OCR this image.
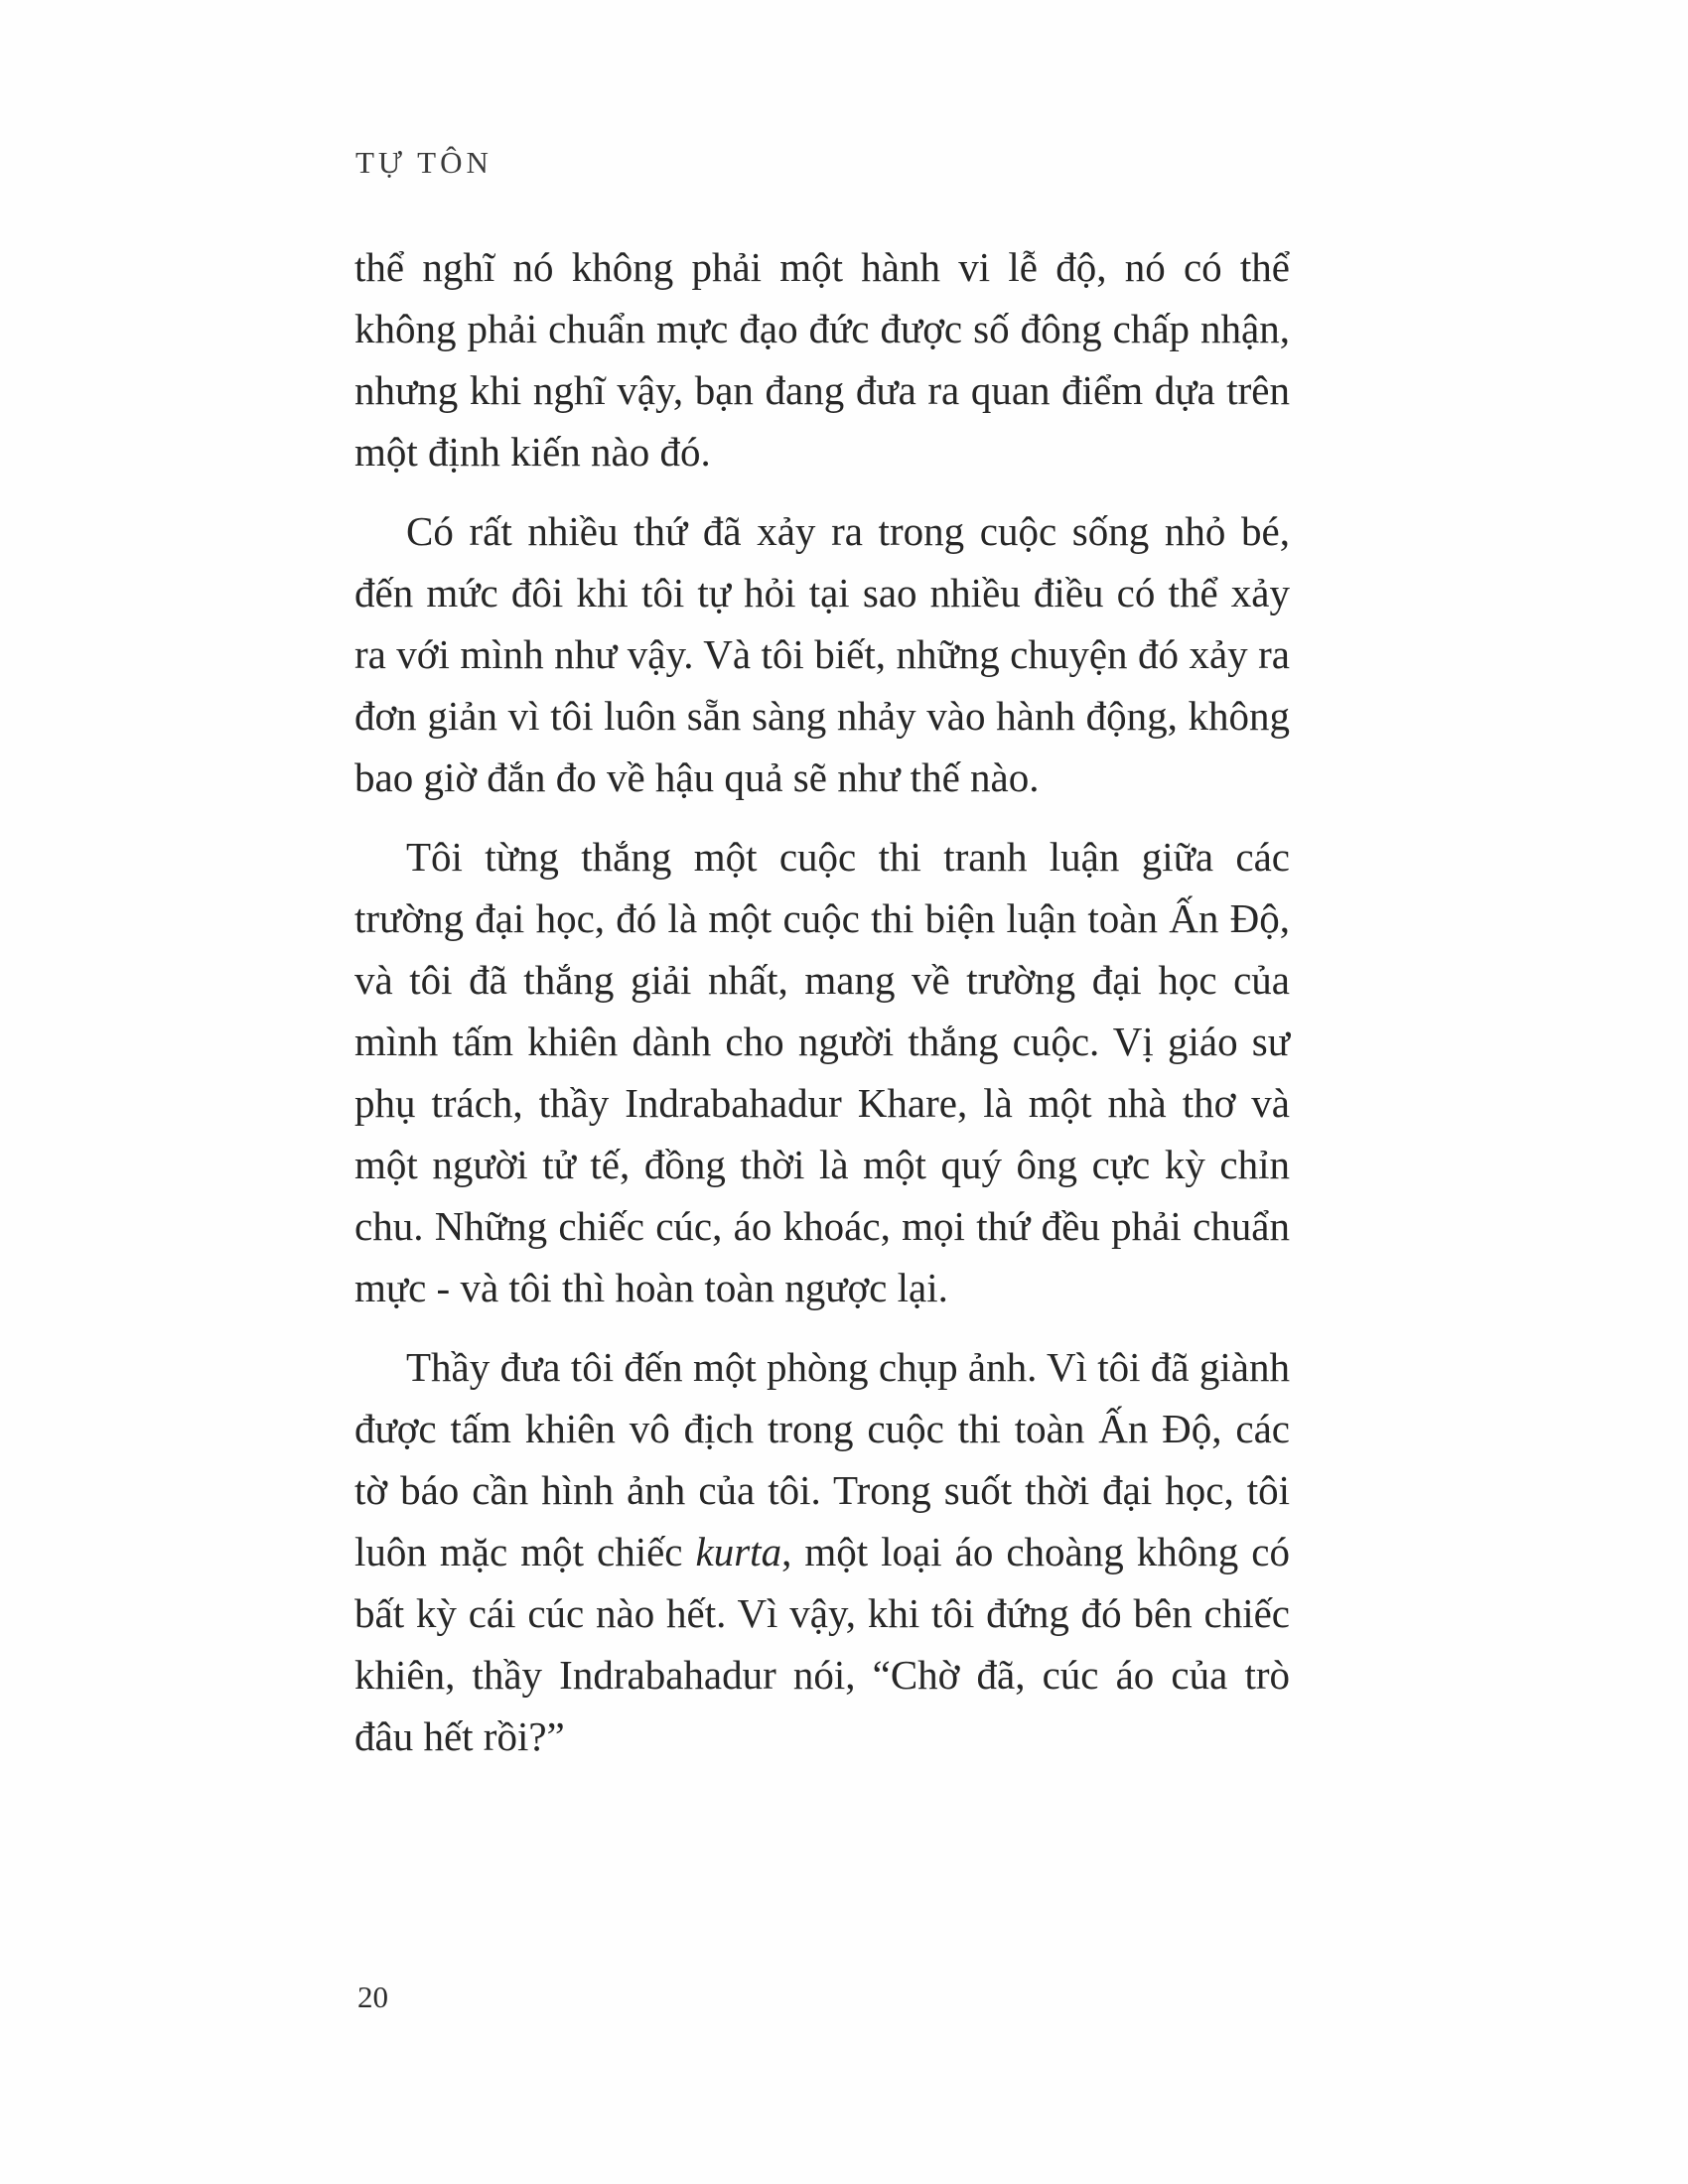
TỰ TÔN

thể nghĩ nó không phải một hành vi lễ độ, nó có thể không phải chuẩn mực đạo đức được số đông chấp nhận, nhưng khi nghĩ vậy, bạn đang đưa ra quan điểm dựa trên một định kiến nào đó.

Có rất nhiều thứ đã xảy ra trong cuộc sống nhỏ bé, đến mức đôi khi tôi tự hỏi tại sao nhiều điều có thể xảy ra với mình như vậy. Và tôi biết, những chuyện đó xảy ra đơn giản vì tôi luôn sẵn sàng nhảy vào hành động, không bao giờ đắn đo về hậu quả sẽ như thế nào.

Tôi từng thắng một cuộc thi tranh luận giữa các trường đại học, đó là một cuộc thi biện luận toàn Ấn Độ, và tôi đã thắng giải nhất, mang về trường đại học của mình tấm khiên dành cho người thắng cuộc. Vị giáo sư phụ trách, thầy Indrabahadur Khare, là một nhà thơ và một người tử tế, đồng thời là một quý ông cực kỳ chỉn chu. Những chiếc cúc, áo khoác, mọi thứ đều phải chuẩn mực - và tôi thì hoàn toàn ngược lại.

Thầy đưa tôi đến một phòng chụp ảnh. Vì tôi đã giành được tấm khiên vô địch trong cuộc thi toàn Ấn Độ, các tờ báo cần hình ảnh của tôi. Trong suốt thời đại học, tôi luôn mặc một chiếc kurta, một loại áo choàng không có bất kỳ cái cúc nào hết. Vì vậy, khi tôi đứng đó bên chiếc khiên, thầy Indrabahadur nói, “Chờ đã, cúc áo của trò đâu hết rồi?”

20
